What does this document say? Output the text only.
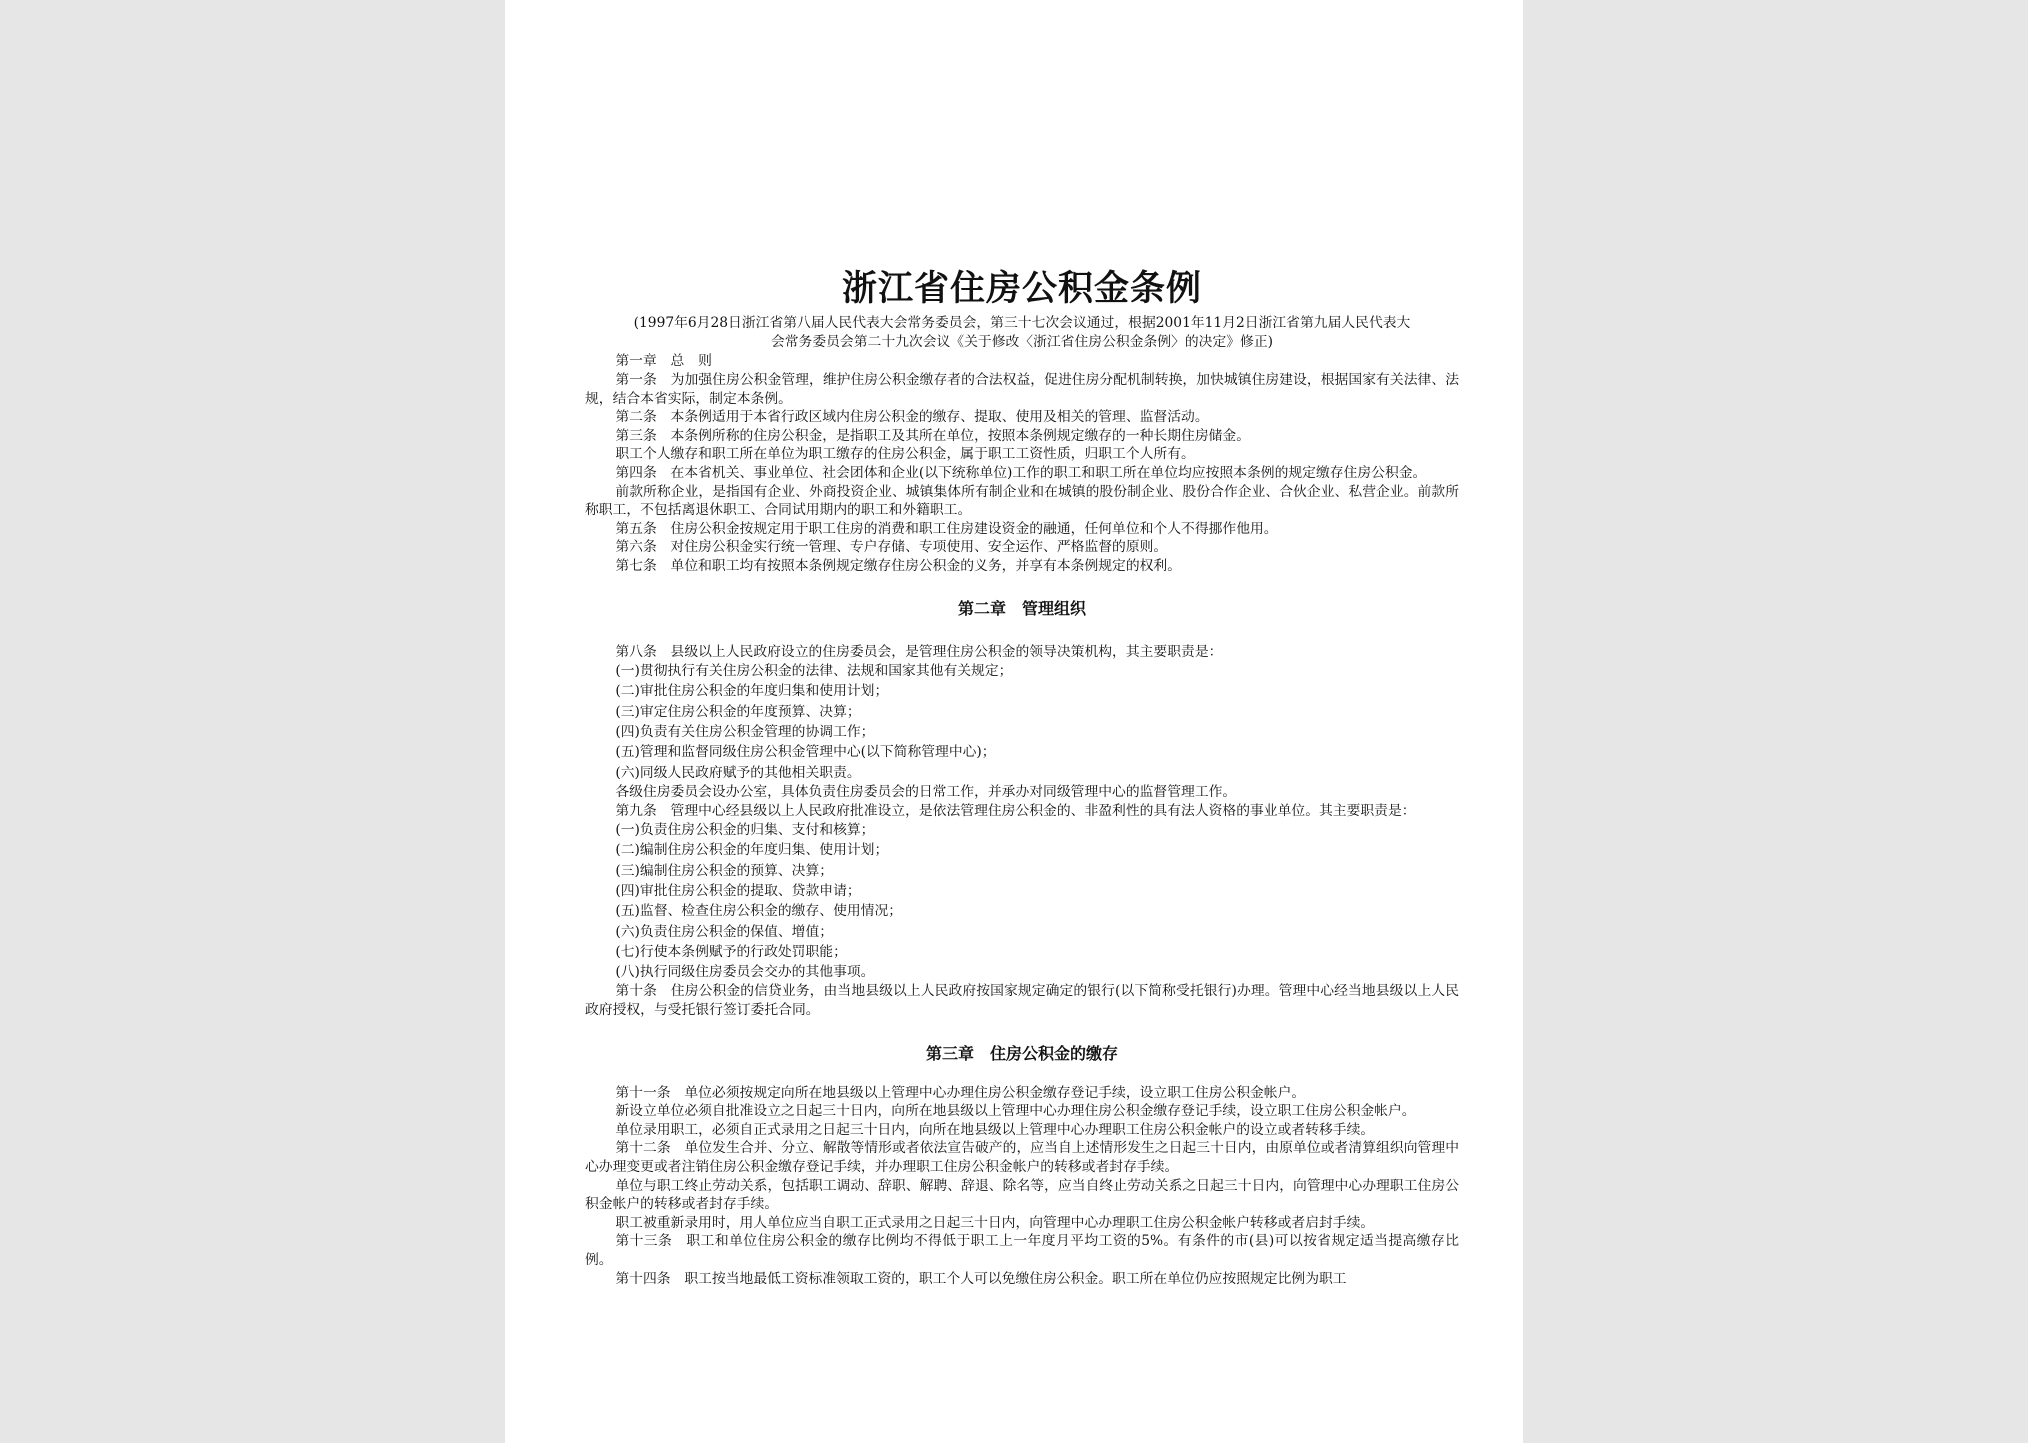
浙江省住房公积金条例

(1997年6月28日浙江省第八届人民代表大会常务委员会，第三十七次会议通过，根据2001年11月2日浙江省第九届人民代表大

会常务委员会第二十九次会议《关于修改〈浙江省住房公积金条例〉的决定》修正)

第一章　总　则

第一条　为加强住房公积金管理，维护住房公积金缴存者的合法权益，促进住房分配机制转换，加快城镇住房建设，根据国家有关法律、法规，结合本省实际，制定本条例。

第二条　本条例适用于本省行政区域内住房公积金的缴存、提取、使用及相关的管理、监督活动。

第三条　本条例所称的住房公积金，是指职工及其所在单位，按照本条例规定缴存的一种长期住房储金。

职工个人缴存和职工所在单位为职工缴存的住房公积金，属于职工工资性质，归职工个人所有。

第四条　在本省机关、事业单位、社会团体和企业(以下统称单位)工作的职工和职工所在单位均应按照本条例的规定缴存住房公积金。

前款所称企业，是指国有企业、外商投资企业、城镇集体所有制企业和在城镇的股份制企业、股份合作企业、合伙企业、私营企业。前款所称职工，不包括离退休职工、合同试用期内的职工和外籍职工。

第五条　住房公积金按规定用于职工住房的消费和职工住房建设资金的融通，任何单位和个人不得挪作他用。

第六条　对住房公积金实行统一管理、专户存储、专项使用、安全运作、严格监督的原则。

第七条　单位和职工均有按照本条例规定缴存住房公积金的义务，并享有本条例规定的权利。

第二章　管理组织

第八条　县级以上人民政府设立的住房委员会，是管理住房公积金的领导决策机构，其主要职责是：

(一)贯彻执行有关住房公积金的法律、法规和国家其他有关规定；

(二)审批住房公积金的年度归集和使用计划；

(三)审定住房公积金的年度预算、决算；

(四)负责有关住房公积金管理的协调工作；

(五)管理和监督同级住房公积金管理中心(以下简称管理中心)；

(六)同级人民政府赋予的其他相关职责。

各级住房委员会设办公室，具体负责住房委员会的日常工作，并承办对同级管理中心的监督管理工作。

第九条　管理中心经县级以上人民政府批准设立，是依法管理住房公积金的、非盈利性的具有法人资格的事业单位。其主要职责是：

(一)负责住房公积金的归集、支付和核算；

(二)编制住房公积金的年度归集、使用计划；

(三)编制住房公积金的预算、决算；

(四)审批住房公积金的提取、贷款申请；

(五)监督、检查住房公积金的缴存、使用情况；

(六)负责住房公积金的保值、增值；

(七)行使本条例赋予的行政处罚职能；

(八)执行同级住房委员会交办的其他事项。

第十条　住房公积金的信贷业务，由当地县级以上人民政府按国家规定确定的银行(以下简称受托银行)办理。管理中心经当地县级以上人民政府授权，与受托银行签订委托合同。

第三章　住房公积金的缴存

第十一条　单位必须按规定向所在地县级以上管理中心办理住房公积金缴存登记手续，设立职工住房公积金帐户。

新设立单位必须自批准设立之日起三十日内，向所在地县级以上管理中心办理住房公积金缴存登记手续，设立职工住房公积金帐户。

单位录用职工，必须自正式录用之日起三十日内，向所在地县级以上管理中心办理职工住房公积金帐户的设立或者转移手续。

第十二条　单位发生合并、分立、解散等情形或者依法宣告破产的，应当自上述情形发生之日起三十日内，由原单位或者清算组织向管理中心办理变更或者注销住房公积金缴存登记手续，并办理职工住房公积金帐户的转移或者封存手续。

单位与职工终止劳动关系，包括职工调动、辞职、解聘、辞退、除名等，应当自终止劳动关系之日起三十日内，向管理中心办理职工住房公积金帐户的转移或者封存手续。

职工被重新录用时，用人单位应当自职工正式录用之日起三十日内，向管理中心办理职工住房公积金帐户转移或者启封手续。

第十三条　职工和单位住房公积金的缴存比例均不得低于职工上一年度月平均工资的5%。有条件的市(县)可以按省规定适当提高缴存比例。

第十四条　职工按当地最低工资标准领取工资的，职工个人可以免缴住房公积金。职工所在单位仍应按照规定比例为职工
